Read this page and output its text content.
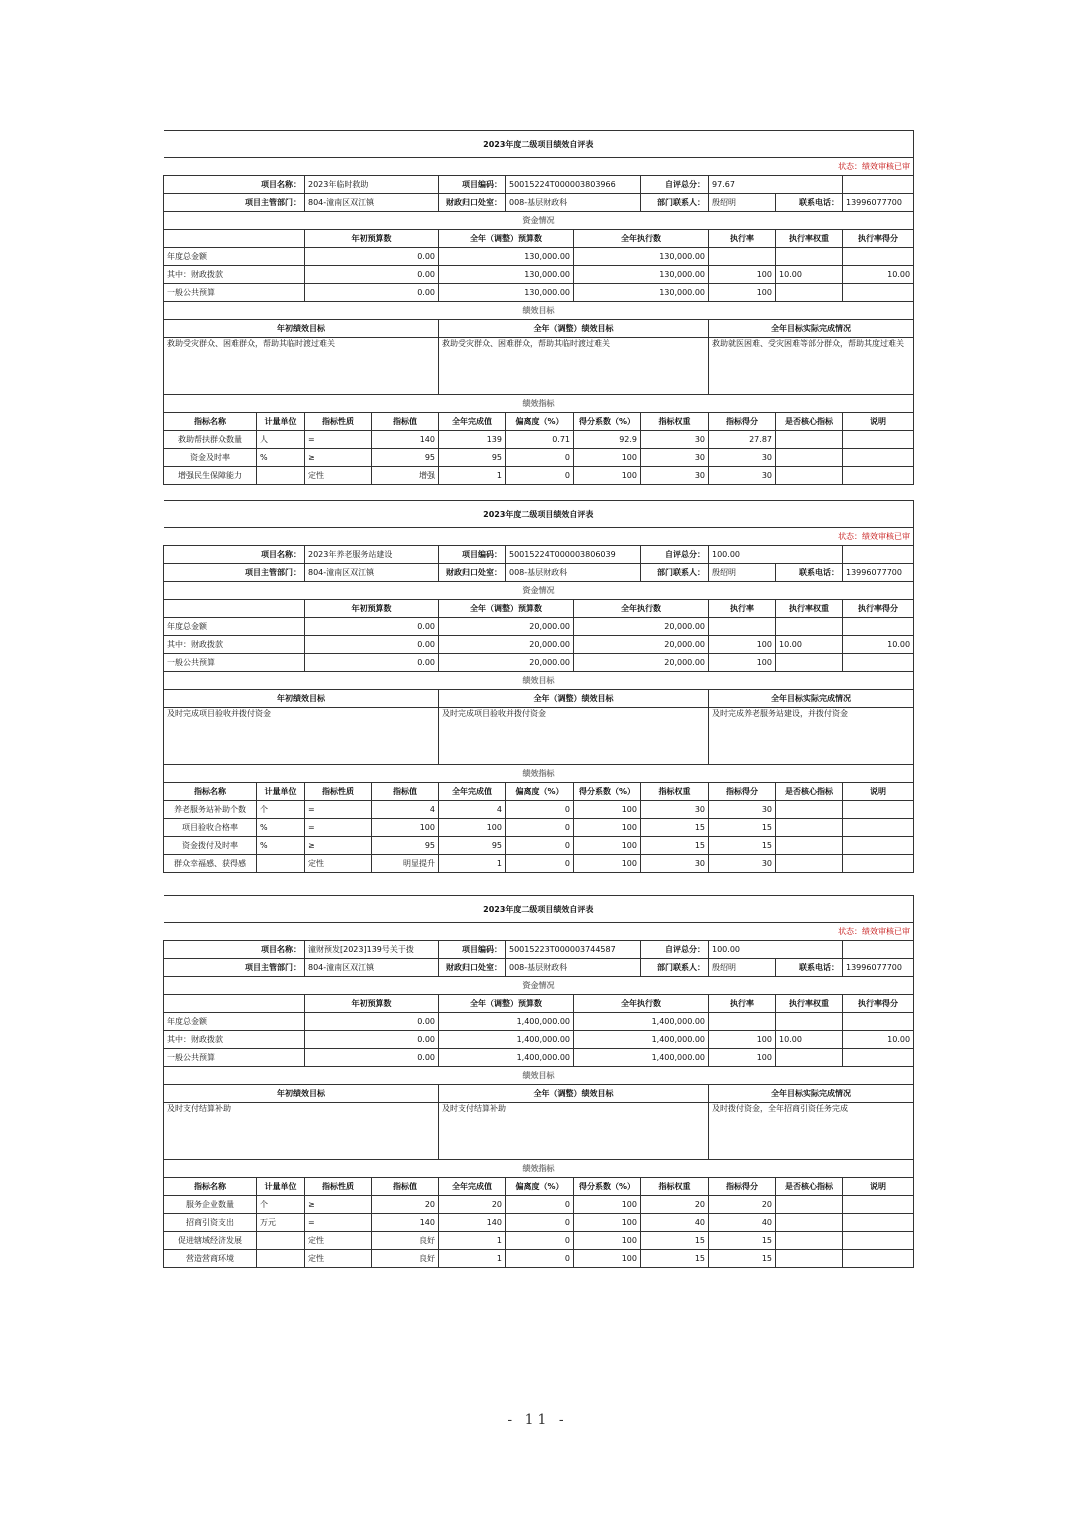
2023年度二级项目绩效自评表										
状态：绩效审核已审										
项目名称：		2023年临时救助		项目编码：	50015224T000003803966		自评总分：	97.67		
项目主管部门：		804-潼南区双江镇		财政归口处室：	008-基层财政科		部门联系人：	殷绍明	联系电话：	13996077700
资金情况										
		年初预算数		全年（调整）预算数		全年执行数		执行率	执行率权重	执行率得分
年度总金额		0.00		130,000.00		130,000.00				
其中：财政拨款		0.00		130,000.00		130,000.00		100	10.00	10.00
一般公共预算		0.00		130,000.00		130,000.00		100		
绩效目标										
年初绩效目标				全年（调整）绩效目标				全年目标实际完成情况		
救助受灾群众、困难群众，帮助其临时渡过难关				救助受灾群众、困难群众，帮助其临时渡过难关				救助就医困难、受灾困难等部分群众，帮助其度过难关		
绩效指标										
指标名称	计量单位	指标性质	指标值	全年完成值	偏离度（%）	得分系数（%）	指标权重	指标得分	是否核心指标	说明
救助帮扶群众数量	人	=	140	139	0.71	92.9	30	27.87		
资金及时率	%	≥	95	95	0	100	30	30		
增强民生保障能力		定性	增强	1	0	100	30	30		
2023年度二级项目绩效自评表										
状态：绩效审核已审										
项目名称：		2023年养老服务站建设		项目编码：	50015224T000003806039		自评总分：	100.00		
项目主管部门：		804-潼南区双江镇		财政归口处室：	008-基层财政科		部门联系人：	殷绍明	联系电话：	13996077700
资金情况										
		年初预算数		全年（调整）预算数		全年执行数		执行率	执行率权重	执行率得分
年度总金额		0.00		20,000.00		20,000.00				
其中：财政拨款		0.00		20,000.00		20,000.00		100	10.00	10.00
一般公共预算		0.00		20,000.00		20,000.00		100		
绩效目标										
年初绩效目标				全年（调整）绩效目标				全年目标实际完成情况		
及时完成项目验收并拨付资金				及时完成项目验收并拨付资金				及时完成养老服务站建设，并拨付资金		
绩效指标										
指标名称	计量单位	指标性质	指标值	全年完成值	偏离度（%）	得分系数（%）	指标权重	指标得分	是否核心指标	说明
养老服务站补助个数	个	=	4	4	0	100	30	30		
项目验收合格率	%	=	100	100	0	100	15	15		
资金拨付及时率	%	≥	95	95	0	100	15	15		
群众幸福感、获得感		定性	明显提升	1	0	100	30	30		
2023年度二级项目绩效自评表										
状态：绩效审核已审										
项目名称：		潼财预发[2023]139号关于拨		项目编码：	50015223T000003744587		自评总分：	100.00		
项目主管部门：		804-潼南区双江镇		财政归口处室：	008-基层财政科		部门联系人：	殷绍明	联系电话：	13996077700
资金情况										
		年初预算数		全年（调整）预算数		全年执行数		执行率	执行率权重	执行率得分
年度总金额		0.00		1,400,000.00		1,400,000.00				
其中：财政拨款		0.00		1,400,000.00		1,400,000.00		100	10.00	10.00
一般公共预算		0.00		1,400,000.00		1,400,000.00		100		
绩效目标										
年初绩效目标				全年（调整）绩效目标				全年目标实际完成情况		
及时支付结算补助				及时支付结算补助				及时拨付资金，全年招商引资任务完成		
绩效指标										
指标名称	计量单位	指标性质	指标值	全年完成值	偏离度（%）	得分系数（%）	指标权重	指标得分	是否核心指标	说明
服务企业数量	个	≥	20	20	0	100	20	20		
招商引资支出	万元	=	140	140	0	100	40	40		
促进辖域经济发展		定性	良好	1	0	100	15	15		
营造营商环境		定性	良好	1	0	100	15	15		
- 11 -
